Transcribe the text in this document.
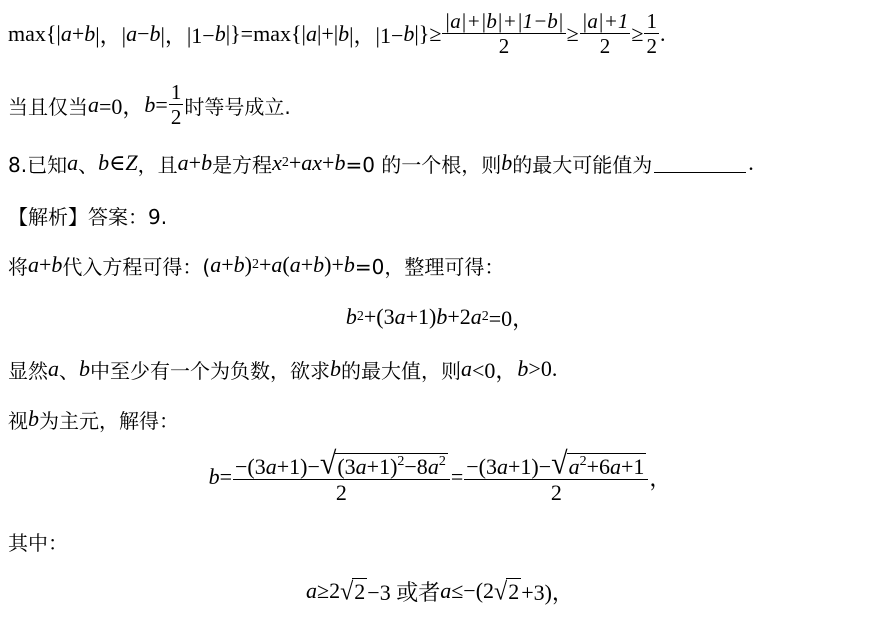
max{| a + b |，| a − b |，|1− b |}=max{| a |+| b |，|1− b |}≥ $\frac{|a|+|b|+|1-b|}{2} \ge \frac{|a|+1}{2} \ge \frac{1}{2}$ .
当且仅当 a =0， $b = \frac{1}{2}$ 时等号成立.
8.已知 a 、 b ∈ Z ，且 a + b 是方程 x 2 + ax + b =0 的一个根，则 b 的最大可能值为	.
【解析】答案：9.
将 a + b 代入方程可得：( a + b ) 2 + a ( a + b )+ b =0，整理可得：
b 2 +(3 a +1) b +2 a 2 =0，
显然 a 、 b 中至少有一个为负数，欲求 b 的最大值，则 a <0， b >0.
视 b 为主元，解得：
$b = \frac{-(3 a +1)- √ (3a+1)^2-8a^2}{2} = \frac{-(3 a +1)- √ a^2+6a+1}{2}$ ，
其中：
a ≥2 √ 2 −3 或者 a ≤−(2 √ 2 +3)，
